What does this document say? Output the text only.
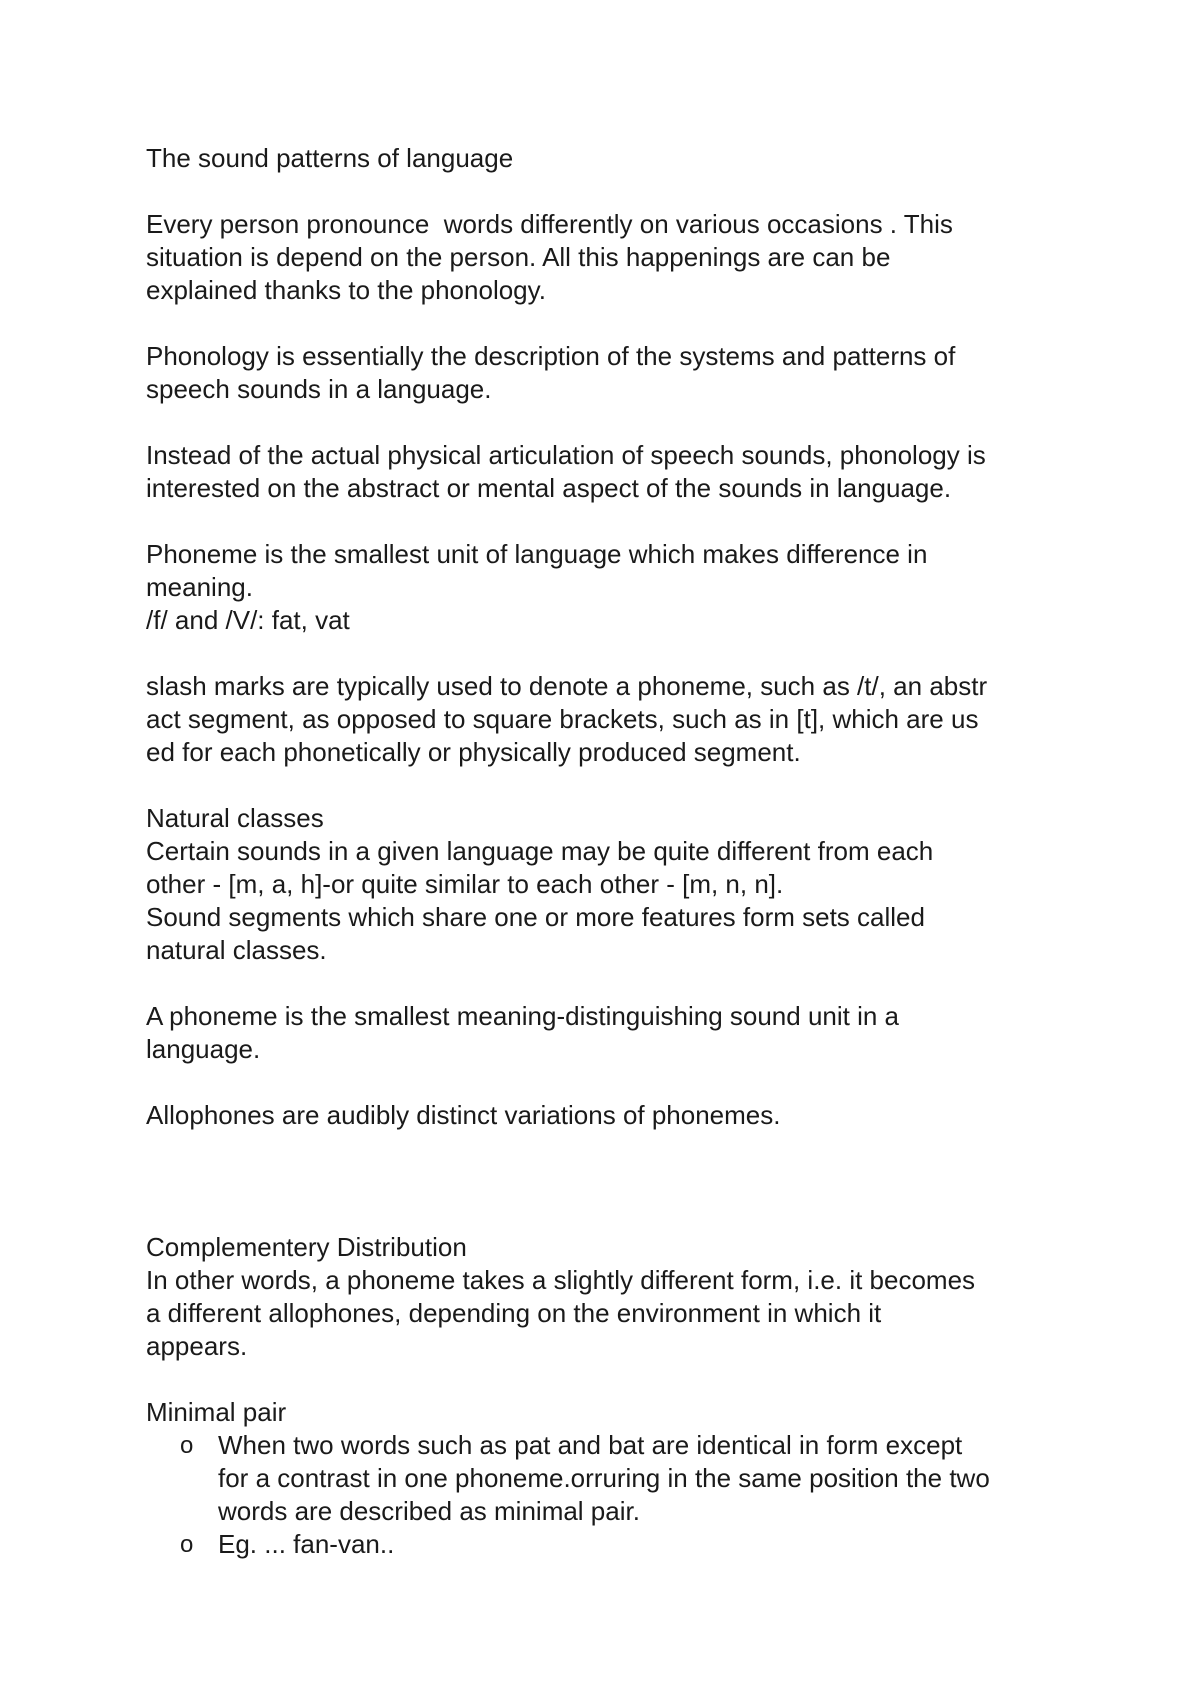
The sound patterns of language
Every person pronounce  words differently on various occasions . This
situation is depend on the person. All this happenings are can be
explained thanks to the phonology.
Phonology is essentially the description of the systems and patterns of
speech sounds in a language.
Instead of the actual physical articulation of speech sounds, phonology is
interested on the abstract or mental aspect of the sounds in language.
Phoneme is the smallest unit of language which makes difference in
meaning.
/f/ and /V/: fat, vat
slash marks are typically used to denote a phoneme, such as /t/, an abstr
act segment, as opposed to square brackets, such as in [t], which are us
ed for each phonetically or physically produced segment.
Natural classes
Certain sounds in a given language may be quite different from each
other - [m, a, h]-or quite similar to each other - [m, n, n].
Sound segments which share one or more features form sets called
natural classes.
A phoneme is the smallest meaning-distinguishing sound unit in a
language.
Allophones are audibly distinct variations of phonemes.
Complementery Distribution
In other words, a phoneme takes a slightly different form, i.e. it becomes
a different allophones, depending on the environment in which it
appears.
Minimal pair
o When two words such as pat and bat are identical in form except
for a contrast in one phoneme.orruring in the same position the two
words are described as minimal pair.
o Eg. ... fan-van..
